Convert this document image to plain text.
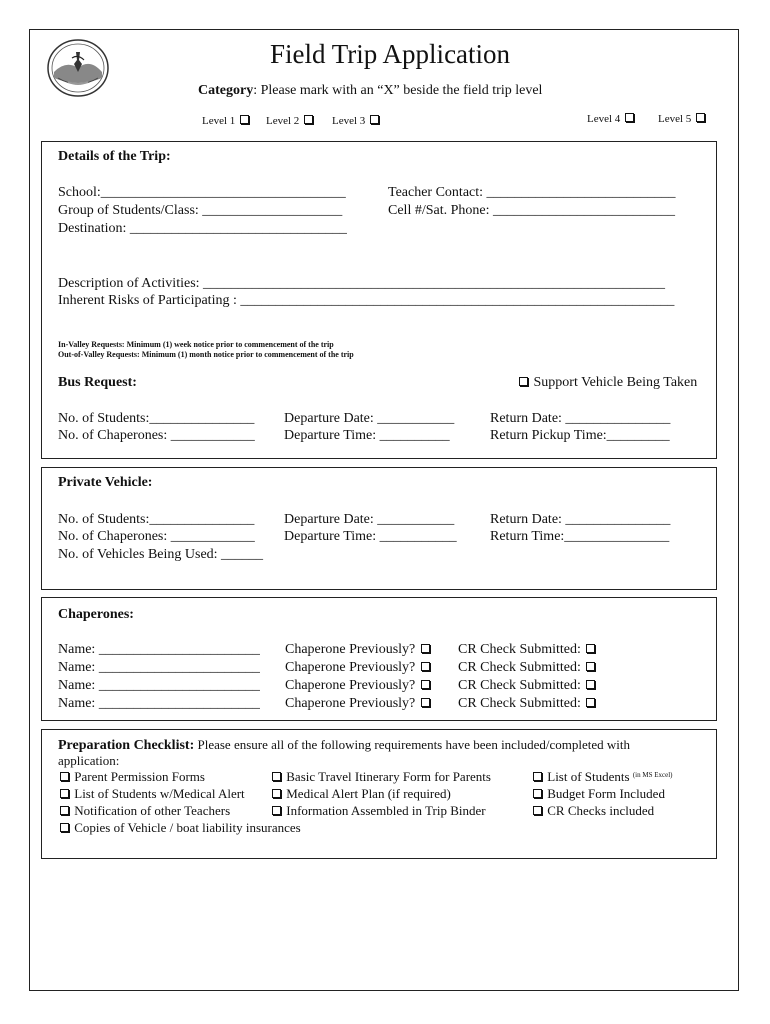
Field Trip Application
Category: Please mark with an “X” beside the field trip level
Level 1	Level 2	Level 3	Level 4	Level 5
Details of the Trip:
School:___________________________________	Teacher Contact: ___________________________
Group of Students/Class: ____________________	Cell #/Sat. Phone: __________________________
Destination: _______________________________
Description of Activities: __________________________________________________________________
Inherent Risks of Participating : ______________________________________________________________
In-Valley Requests: Minimum (1) week notice prior to commencement of the trip
Out-of-Valley Requests: Minimum (1) month notice prior to commencement of the trip
Bus Request:	Support Vehicle Being Taken
No. of Students:_______________ Departure Date: ___________	Return Date: _______________
No. of Chaperones: ____________ Departure Time: __________	Return Pickup Time:_________
Private Vehicle:
No. of Students:_______________ Departure Date: ___________	Return Date: _______________
No. of Chaperones: ____________ Departure Time: ___________ Return Time:_______________
No. of Vehicles Being Used: ______
Chaperones:
Name: _______________________ Chaperone Previously?	CR Check Submitted:
Name: _______________________ Chaperone Previously?	CR Check Submitted:
Name: _______________________ Chaperone Previously?	CR Check Submitted:
Name: _______________________ Chaperone Previously?	CR Check Submitted:
Preparation Checklist: Please ensure all of the following requirements have been included/completed with
application:
Parent Permission Forms
List of Students w/Medical Alert
Notification of other Teachers
Copies of Vehicle / boat liability insurances
Basic Travel Itinerary Form for Parents
Medical Alert Plan (if required)
Information Assembled in Trip Binder
List of Students $^{(in MS Excel)}$
Budget Form Included
CR Checks included
